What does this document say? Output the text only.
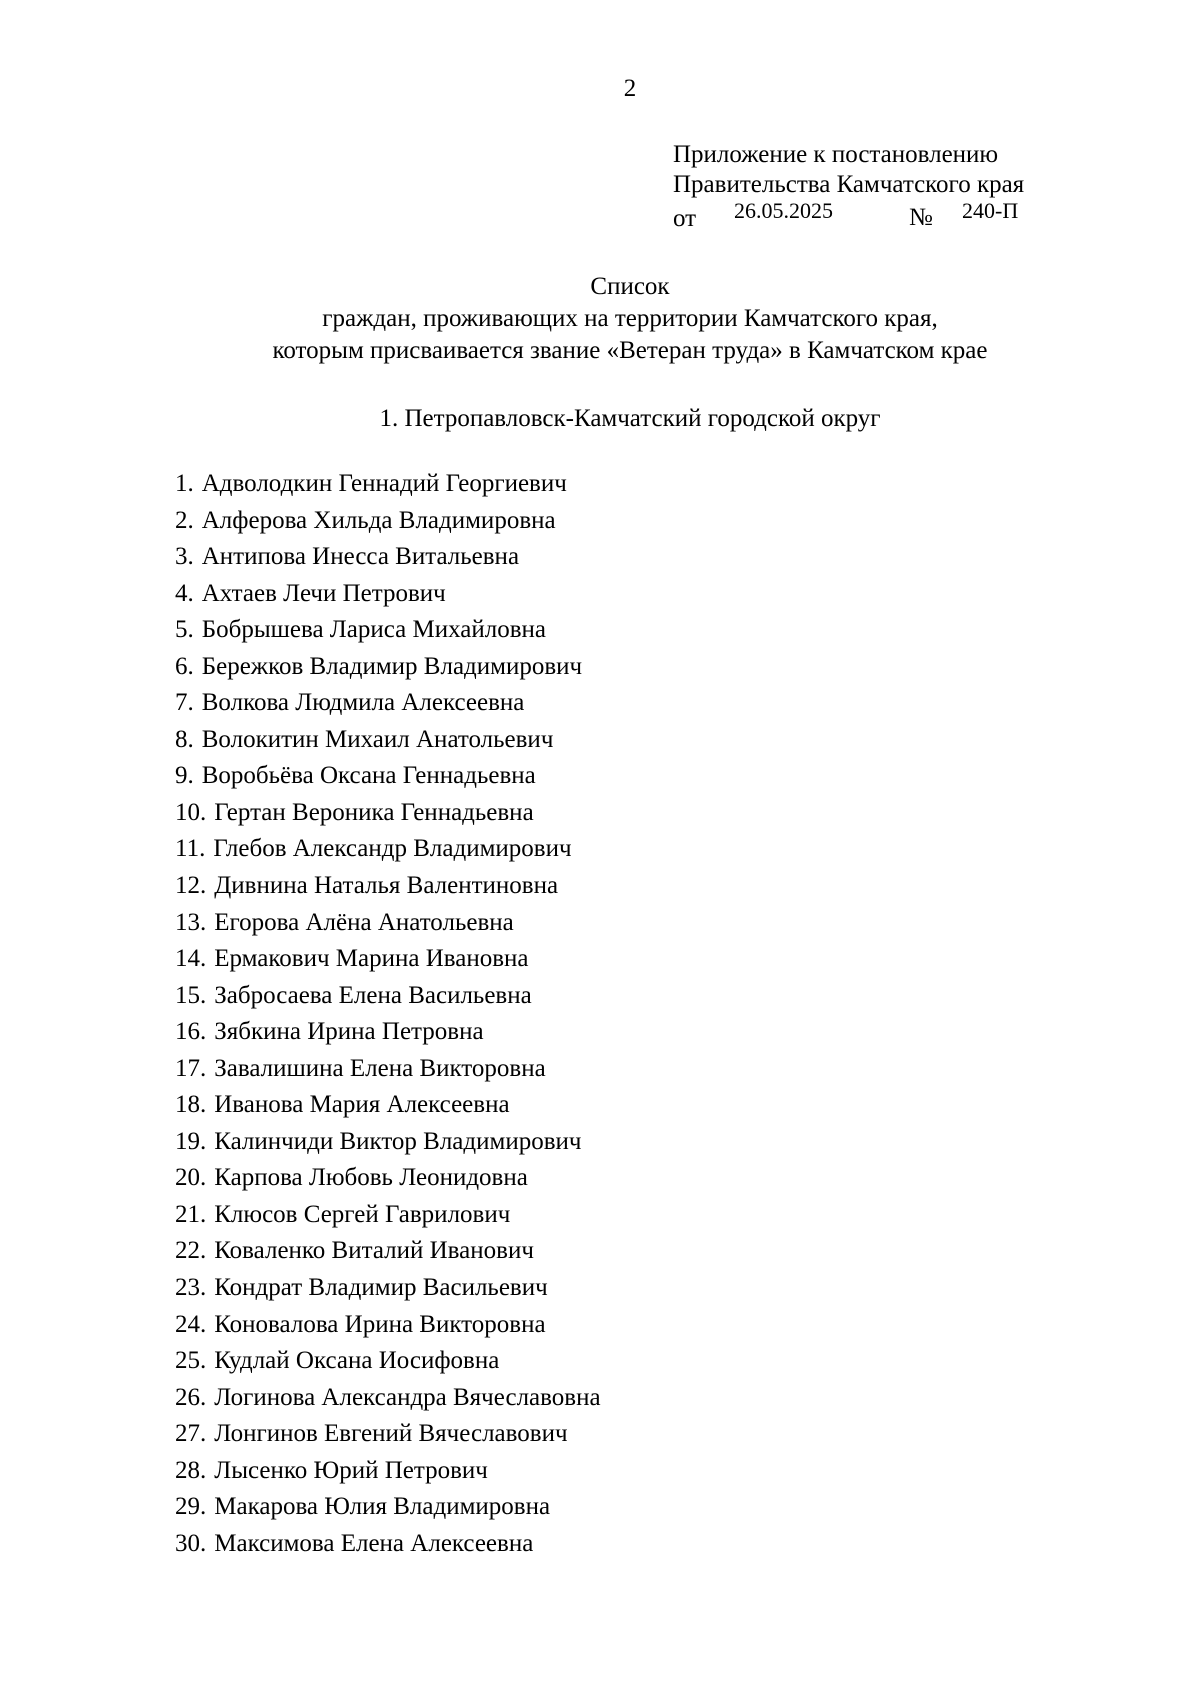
2
Приложение к постановлению
Правительства Камчатского края
от 26.05.2025	№ 240-П
Список
граждан, проживающих на территории Камчатского края,
которым присваивается звание «Ветеран труда» в Камчатском крае
1. Петропавловск-Камчатский городской округ
1. Адволодкин Геннадий Георгиевич
2. Алферова Хильда Владимировна
3. Антипова Инесса Витальевна
4. Ахтаев Лечи Петрович
5. Бобрышева Лариса Михайловна
6. Бережков Владимир Владимирович
7. Волкова Людмила Алексеевна
8. Волокитин Михаил Анатольевич
9. Воробьёва Оксана Геннадьевна
10. Гертан Вероника Геннадьевна
11. Глебов Александр Владимирович
12. Дивнина Наталья Валентиновна
13. Егорова Алёна Анатольевна
14. Ермакович Марина Ивановна
15. Забросаева Елена Васильевна
16. Зябкина Ирина Петровна
17. Завалишина Елена Викторовна
18. Иванова Мария Алексеевна
19. Калинчиди Виктор Владимирович
20. Карпова Любовь Леонидовна
21. Клюсов Сергей Гаврилович
22. Коваленко Виталий Иванович
23. Кондрат Владимир Васильевич
24. Коновалова Ирина Викторовна
25. Кудлай Оксана Иосифовна
26. Логинова Александра Вячеславовна
27. Лонгинов Евгений Вячеславович
28. Лысенко Юрий Петрович
29. Макарова Юлия Владимировна
30. Максимова Елена Алексеевна
